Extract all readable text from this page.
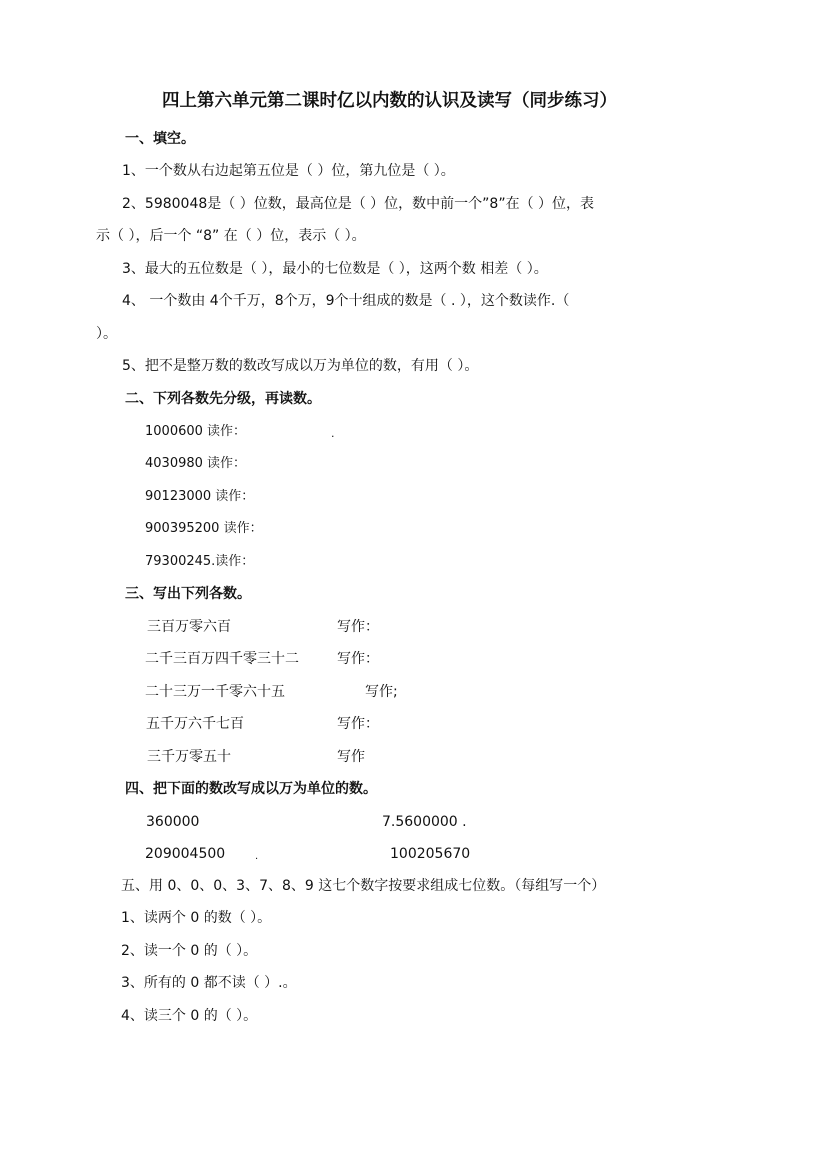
四上第六单元第二课时亿以内数的认识及读写（同步练习）
一、填空。
1、一个数从右边起第五位是（ ）位，第九位是（ ）。
2、5980048是（ ）位数，最高位是（ ）位，数中前一个”8”在（ ）位，表
示（ ），后一个 “8” 在（ ）位，表示（ ）。
3、最大的五位数是（ ），最小的七位数是（ ），这两个数 相差（ ）。
4、 一个数由 4个千万，8个万，9个十组成的数是（ . ），这个数读作.（
）。
5、把不是整万数的数改写成以万为单位的数，有用（ ）。
二、下列各数先分级，再读数。
1000600 读作：	.
4030980 读作：
90123000 读作：
900395200 读作：
79300245.读作：
三、写出下列各数。
三百万零六百	写作：
二千三百万四千零三十二	写作：
二十三万一千零六十五	写作;
五千万六千七百	写作：
三千万零五十	写作
四、把下面的数改写成以万为单位的数。
360000	7.5600000 .
209004500	.	100205670
五、用 0、0、0、3、7、8、9 这七个数字按要求组成七位数。（每组写一个）
1、读两个 0 的数（ ）。
2、读一个 0 的（ ）。
3、所有的 0 都不读（ ）.。
4、读三个 0 的（ ）。
